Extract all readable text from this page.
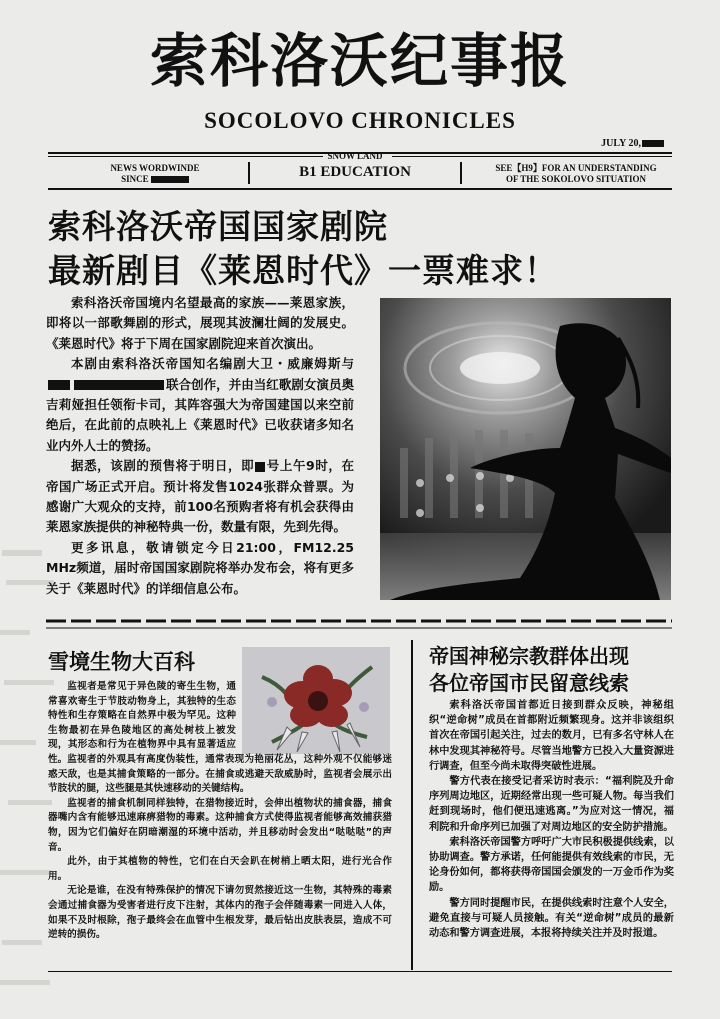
索科洛沃纪事报
SOCOLOVO CHRONICLES
JULY 20,
NEWS WORDWINDE
SINCE
SNOW LAND
B1 EDUCATION	SEE【H9】FOR AN UNDERSTANDING
OF THE SOKOLOVO SITUATION
索科洛沃帝国国家剧院
最新剧目《莱恩时代》一票难求！

索科洛沃帝国境内名望最高的家族——莱恩家族，即将以一部歌舞剧的形式，展现其波澜壮阔的发展史。《莱恩时代》将于下周在国家剧院迎来首次演出。

本剧由索科洛沃帝国知名编剧大卫・威廉姆斯与联合创作，并由当红歌剧女演员奥吉莉娅担任领衔卡司，其阵容强大为帝国建国以来空前绝后，在此前的点映礼上《莱恩时代》已收获诸多知名业内外人士的赞扬。

据悉，该剧的预售将于明日，即 号上午9时，在帝国广场正式开启。预计将发售1024张群众普票。为感谢广大观众的支持，前100名预购者将有机会获得由莱恩家族提供的神秘特典一份，数量有限，先到先得。

更多讯息，敬请锁定今日21:00，FM12.25 MHz频道，届时帝国国家剧院将举办发布会，将有更多关于《莱恩时代》的详细信息公布。

雪境生物大百科

监视者是常见于异色陵的寄生生物，通常喜欢寄生于节肢动物身上，其独特的生态特性和生存策略在自然界中极为罕见。这种生物最初在异色陵地区的高处树枝上被发现，其形态和行为在植物界中具有显著适应性。 监视者的外观具有高度伪装性，通常表现为艳丽花丛，这种外观不仅能够迷惑天敌，也是其捕食策略的一部分。在捕食或逃避天敌威胁时，监视者会展示出节肢状的腿，这些腿是其快速移动的关键结构。

监视者的捕食机制同样独特，在猎物接近时，会伸出植物状的捕食器，捕食器嘴内含有能够迅速麻痹猎物的毒素。这种捕食方式使得监视者能够高效捕获猎物，因为它们偏好在阴暗潮湿的环境中活动，并且移动时会发出“哒哒哒”的声音。

此外，由于其植物的特性，它们在白天会趴在树梢上晒太阳，进行光合作用。

无论是谁，在没有特殊保护的情况下请勿贸然接近这一生物，其特殊的毒素会通过捕食器为受害者进行皮下注射，其体内的孢子会伴随毒素一同进入人体，如果不及时根除，孢子最终会在血管中生根发芽，最后钻出皮肤表层，造成不可逆转的损伤。

帝国神秘宗教群体出现
各位帝国市民留意线索

索科洛沃帝国首都近日接到群众反映，神秘组织“逆命树”成员在首都附近频繁现身。这并非该组织首次在帝国引起关注，过去的数月，已有多名守林人在林中发现其神秘符号。尽管当地警方已投入大量资源进行调查，但至今尚未取得突破性进展。

警方代表在接受记者采访时表示：“福利院及升命序列周边地区，近期经常出现一些可疑人物。每当我们赶到现场时，他们便迅速逃离。”为应对这一情况，福利院和升命序列已加强了对周边地区的安全防护措施。

索科洛沃帝国警方呼吁广大市民积极提供线索，以协助调查。警方承诺，任何能提供有效线索的市民，无论身份如何，都将获得帝国国会颁发的一万金币作为奖励。

警方同时提醒市民，在提供线索时注意个人安全，避免直接与可疑人员接触。有关“逆命树”成员的最新动态和警方调查进展，本报将持续关注并及时报道。
